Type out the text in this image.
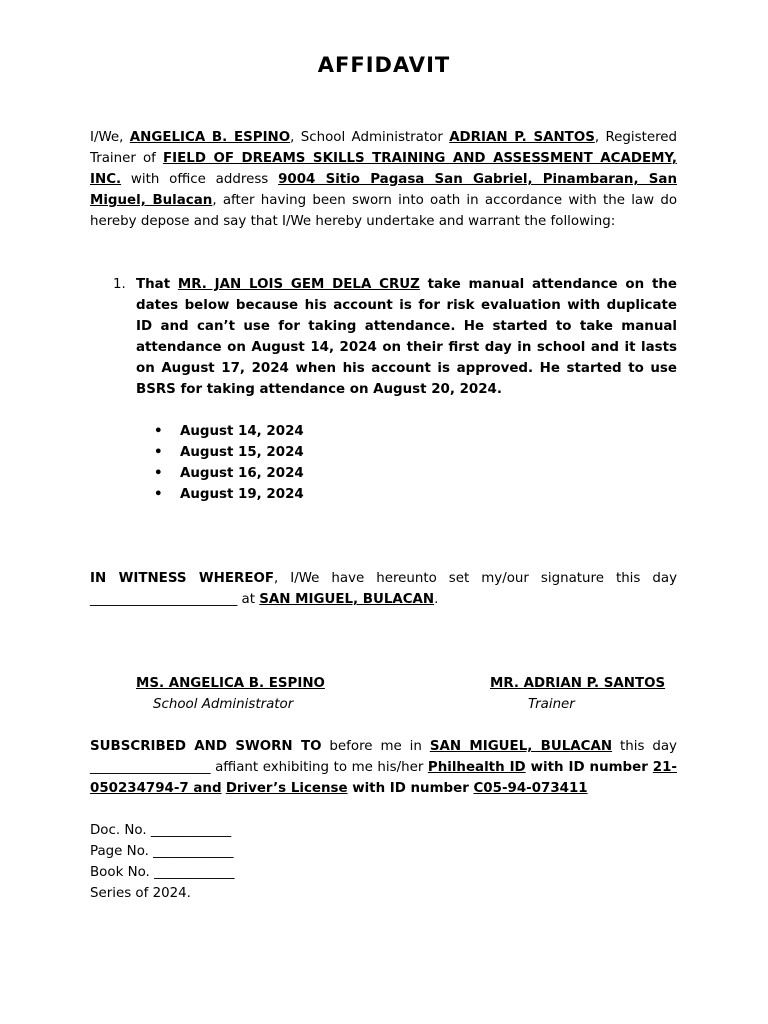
AFFIDAVIT
I/We, ANGELICA B. ESPINO, School Administrator ADRIAN P. SANTOS, Registered Trainer of FIELD OF DREAMS SKILLS TRAINING AND ASSESSMENT ACADEMY, INC. with office address 9004 Sitio Pagasa San Gabriel, Pinambaran, San Miguel, Bulacan, after having been sworn into oath in accordance with the law do hereby depose and say that I/We hereby undertake and warrant the following:
1. That MR. JAN LOIS GEM DELA CRUZ take manual attendance on the dates below because his account is for risk evaluation with duplicate ID and can’t use for taking attendance. He started to take manual attendance on August 14, 2024 on their first day in school and it lasts on August 17, 2024 when his account is approved. He started to use BSRS for taking attendance on August 20, 2024.
•	August 14, 2024
•	August 15, 2024
•	August 16, 2024
•	August 19, 2024
IN WITNESS WHEREOF, I/We have hereunto set my/our signature this day ______________________ at SAN MIGUEL, BULACAN.
MS. ANGELICA B. ESPINO
School Administrator
MR. ADRIAN P. SANTOS
Trainer
SUBSCRIBED AND SWORN TO before me in SAN MIGUEL, BULACAN this day __________________ affiant exhibiting to me his/her Philhealth ID with ID number 21-050234794-7 and Driver’s License with ID number C05-94-073411
Doc. No. ____________
Page No. ____________
Book No. ____________
Series of 2024.
